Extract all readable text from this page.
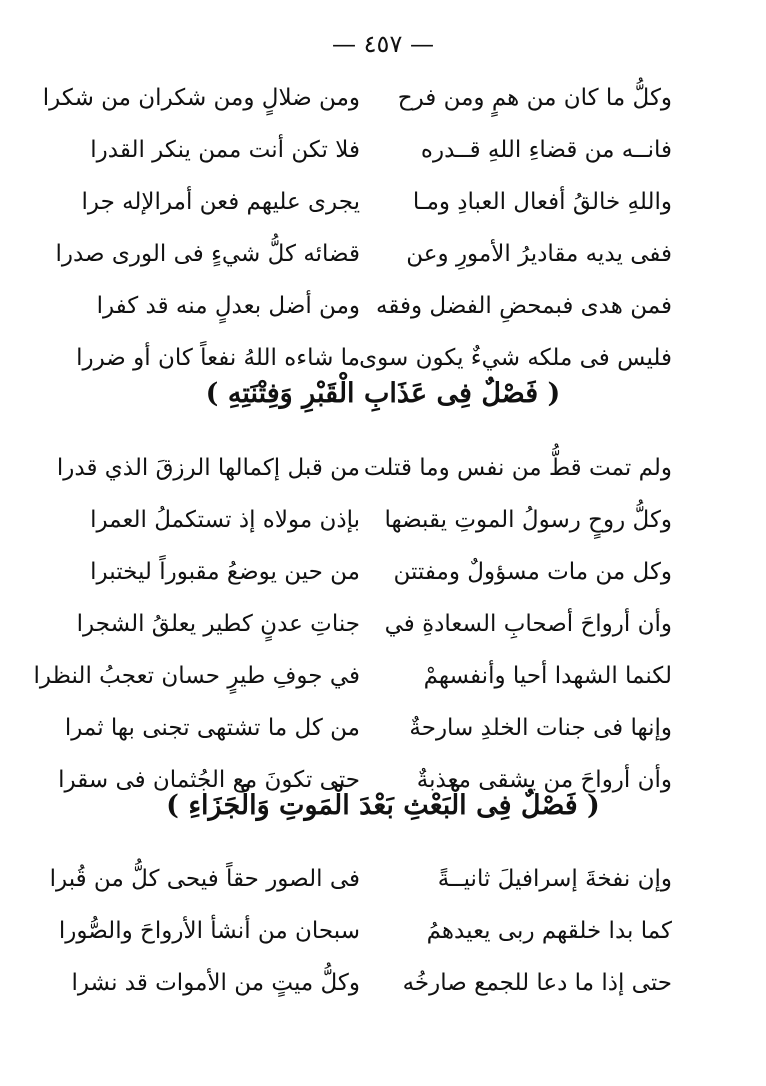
— ٤٥٧ —
وكلُّ ما كان من همٍ ومن فرح
ومن ضلالٍ ومن شكران من شكرا
فانــه من قضاءِ اللهِ قــدره
فلا تكن أنت ممن ينكر القدرا
واللهِ خالقُ أفعال العبادِ ومـا
يجرى عليهم فعن أمرالإله جرا
ففى يديه مقاديرُ الأمورِ وعن
قضائه كلُّ شيءٍ فى الورى صدرا
فمن هدى فبمحضِ الفضل وفقه
ومن أضل بعدلٍ منه قد كفرا
فليس فى ملكه شيءٌ يكون سوى
ما شاءه اللهُ نفعاً كان أو ضررا
( فَصْلٌ فِى عَذَابِ الْقَبْرِ وَفِتْنَتِهِ )
ولم تمت قطُّ من نفس وما قتلت
من قبل إكمالها الرزقَ الذي قدرا
وكلُّ روحٍ رسولُ الموتِ يقبضها
بإذن مولاه إذ تستكملُ العمرا
وكل من مات مسؤولٌ ومفتتن
من حين يوضعُ مقبوراً ليختبرا
وأن أرواحَ أصحابِ السعادةِ في
جناتِ عدنٍ كطير يعلقُ الشجرا
لكنما الشهدا أحيا وأنفسهمْ
في جوفِ طيرٍ حسان تعجبُ النظرا
وإنها فى جنات الخلدِ سارحةٌ
من كل ما تشتهى تجنى بها ثمرا
وأن أرواحَ من يشقى معذبةٌ
حتى تكونَ مع الجُثمان فى سقرا
( فَصْلٌ فِى الْبَعْثِ بَعْدَ الْمَوتِ وَالْجَزَاءِ )
وإن نفخةَ إسرافيلَ ثانيــةً
فى الصور حقاً فيحى كلُّ من قُبرا
كما بدا خلقهم ربى يعيدهمُ
سبحان من أنشأ الأرواحَ والصُّورا
حتى إذا ما دعا للجمع صارخُه
وكلُّ ميتٍ من الأموات قد نشرا
